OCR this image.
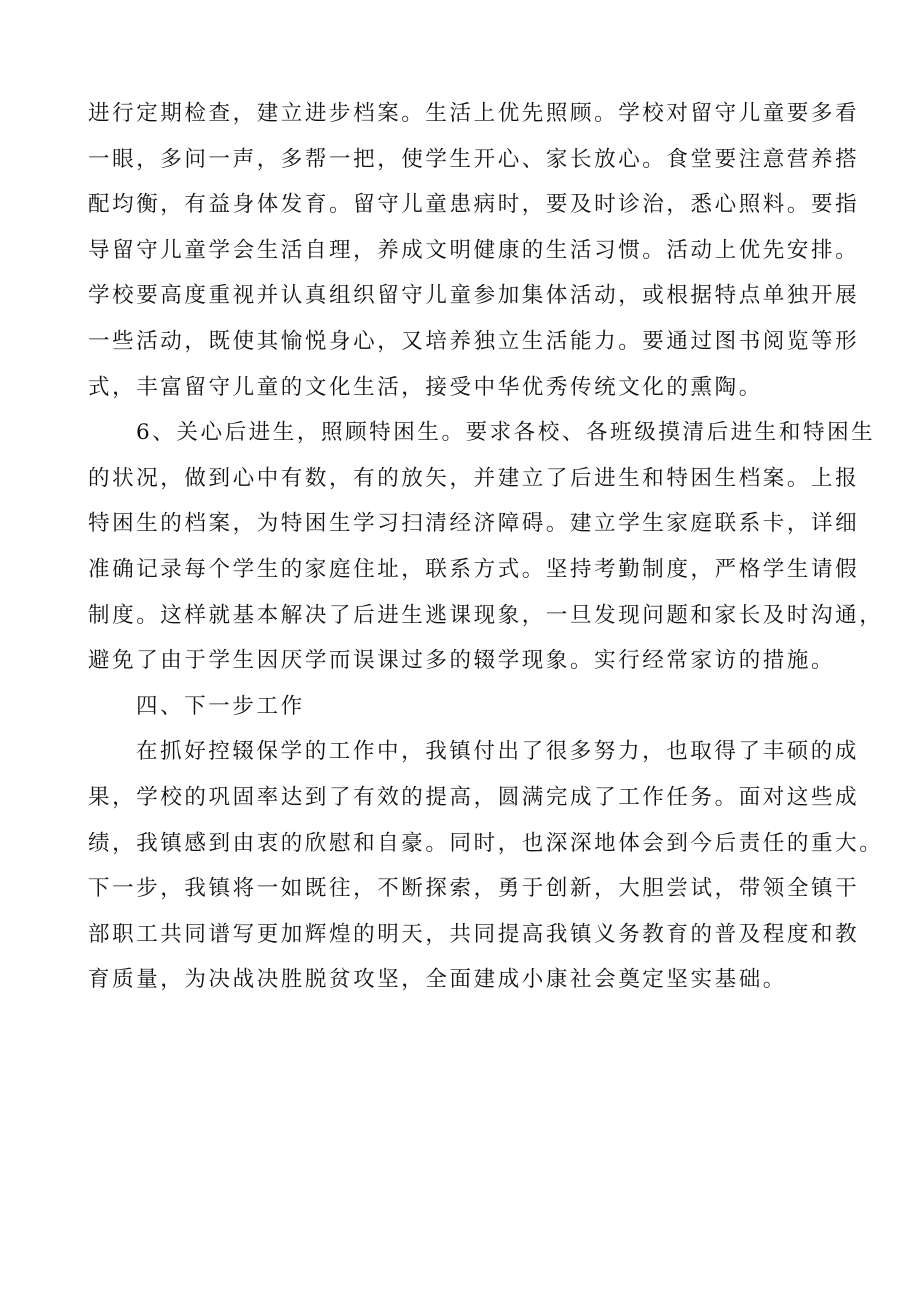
进行定期检查，建立进步档案。生活上优先照顾。学校对留守儿童要多看
一眼，多问一声，多帮一把，使学生开心、家长放心。食堂要注意营养搭
配均衡，有益身体发育。留守儿童患病时，要及时诊治，悉心照料。要指
导留守儿童学会生活自理，养成文明健康的生活习惯。活动上优先安排。
学校要高度重视并认真组织留守儿童参加集体活动，或根据特点单独开展
一些活动，既使其愉悦身心，又培养独立生活能力。要通过图书阅览等形
式，丰富留守儿童的文化生活，接受中华优秀传统文化的熏陶。
6、关心后进生，照顾特困生。要求各校、各班级摸清后进生和特困生
的状况，做到心中有数，有的放矢，并建立了后进生和特困生档案。上报
特困生的档案，为特困生学习扫清经济障碍。建立学生家庭联系卡，详细
准确记录每个学生的家庭住址，联系方式。坚持考勤制度，严格学生请假
制度。这样就基本解决了后进生逃课现象，一旦发现问题和家长及时沟通，
避免了由于学生因厌学而误课过多的辍学现象。实行经常家访的措施。
四、下一步工作
在抓好控辍保学的工作中，我镇付出了很多努力，也取得了丰硕的成
果，学校的巩固率达到了有效的提高，圆满完成了工作任务。面对这些成
绩，我镇感到由衷的欣慰和自豪。同时，也深深地体会到今后责任的重大。
下一步，我镇将一如既往，不断探索，勇于创新，大胆尝试，带领全镇干
部职工共同谱写更加辉煌的明天，共同提高我镇义务教育的普及程度和教
育质量，为决战决胜脱贫攻坚，全面建成小康社会奠定坚实基础。
